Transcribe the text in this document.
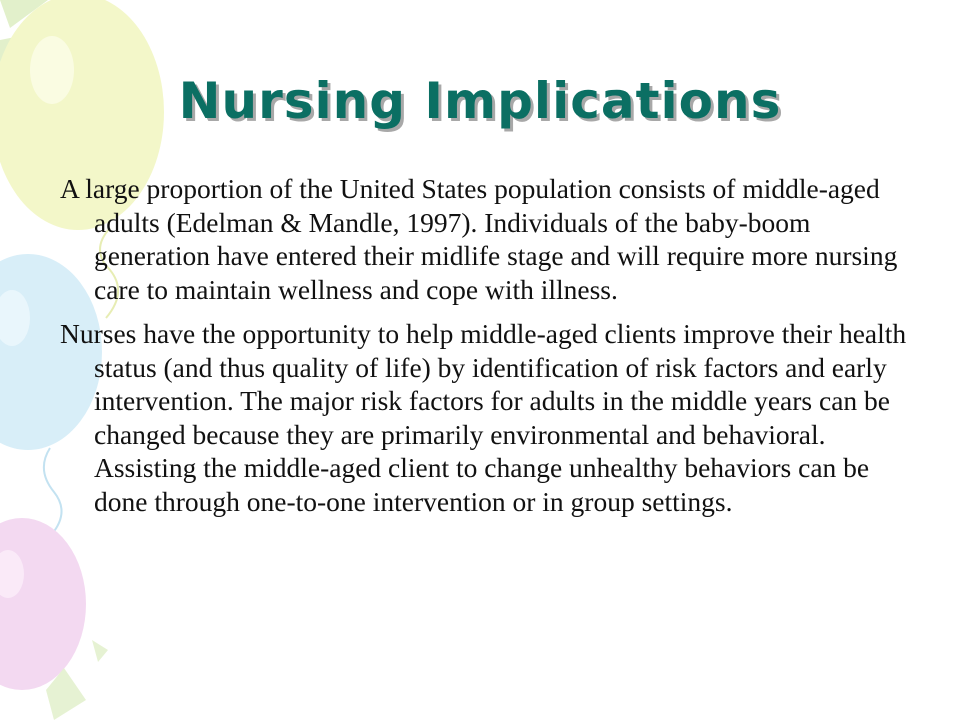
Nursing Implications

A large proportion of the United States population consists of middle-aged adults (Edelman & Mandle, 1997). Individuals of the baby-boom generation have entered their midlife stage and will require more nursing care to maintain wellness and cope with illness.

Nurses have the opportunity to help middle-aged clients improve their health status (and thus quality of life) by identification of risk factors and early intervention. The major risk factors for adults in the middle years can be changed because they are primarily environmental and behavioral. Assisting the middle-aged client to change unhealthy behaviors can be done through one-to-one intervention or in group settings.
